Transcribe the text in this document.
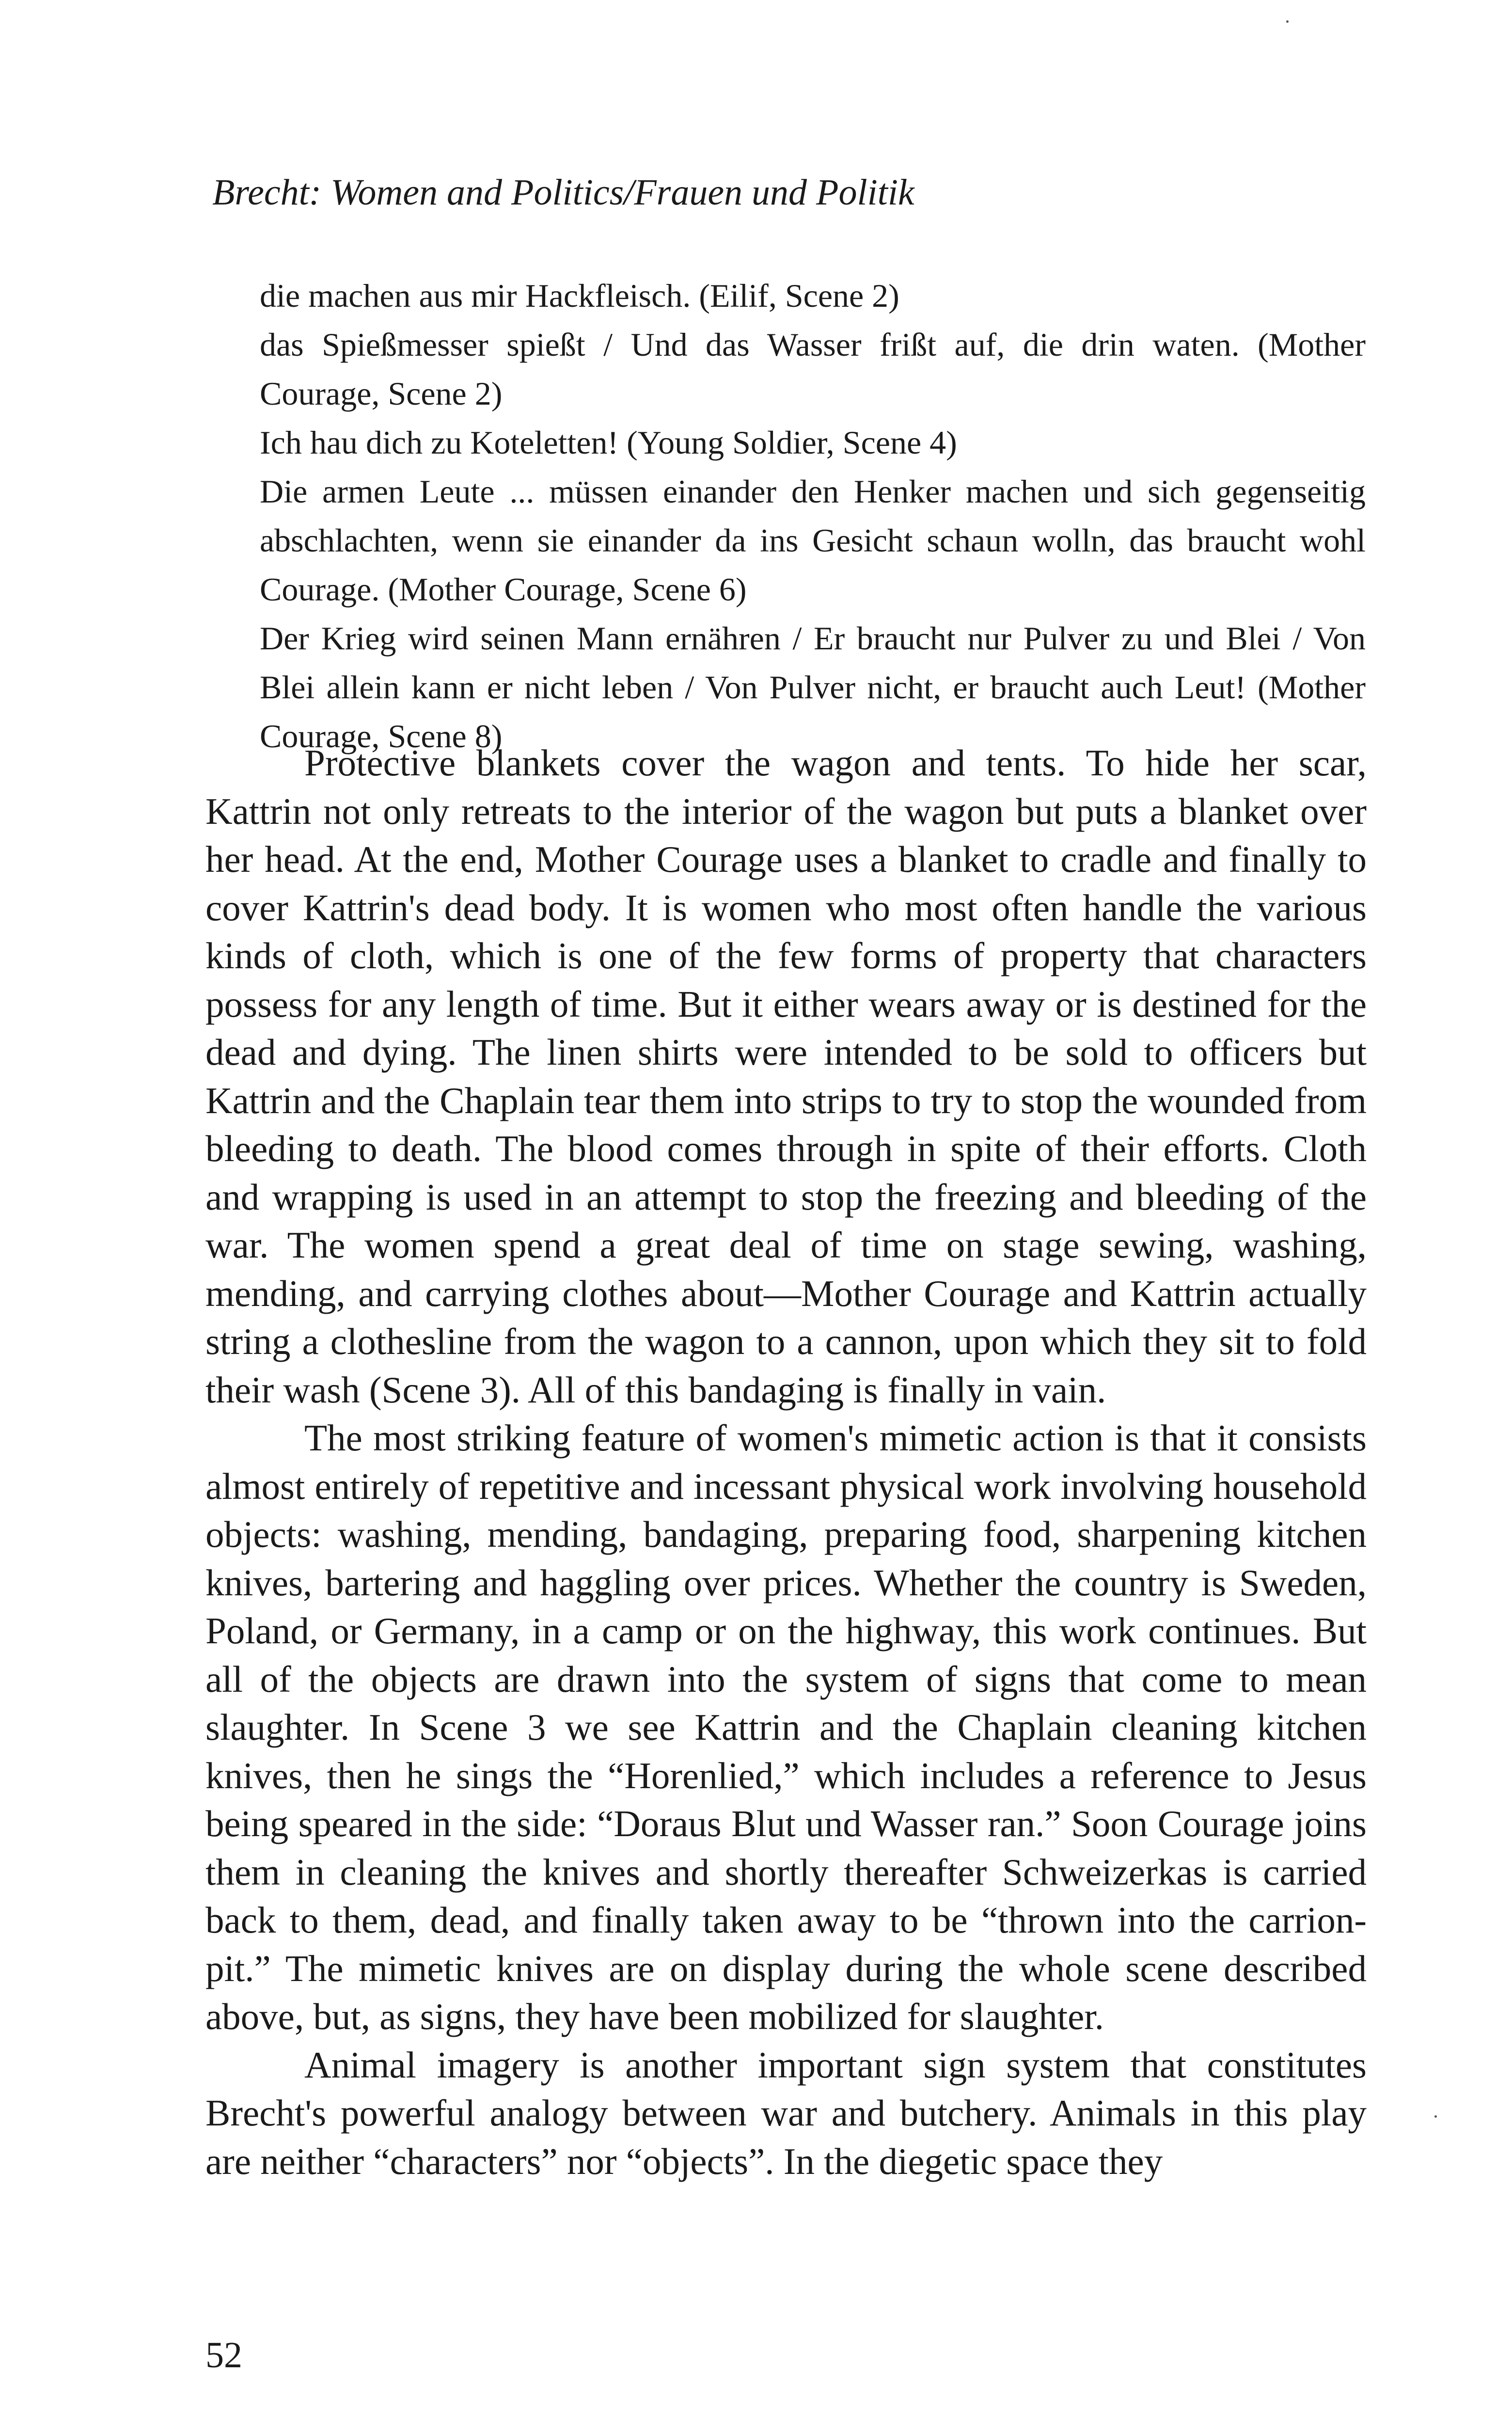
Brecht: Women and Politics/Frauen und Politik

die machen aus mir Hackfleisch. (Eilif, Scene 2)

das Spießmesser spießt / Und das Wasser frißt auf, die drin waten. (Mother Courage, Scene 2)

Ich hau dich zu Koteletten! (Young Soldier, Scene 4)

Die armen Leute ... müssen einander den Henker machen und sich gegenseitig abschlachten, wenn sie einander da ins Gesicht schaun wolln, das braucht wohl Courage. (Mother Courage, Scene 6)

Der Krieg wird seinen Mann ernähren / Er braucht nur Pulver zu und Blei / Von Blei allein kann er nicht leben / Von Pulver nicht, er braucht auch Leut! (Mother Courage, Scene 8)

Protective blankets cover the wagon and tents. To hide her scar, Kattrin not only retreats to the interior of the wagon but puts a blanket over her head. At the end, Mother Courage uses a blanket to cradle and finally to cover Kattrin's dead body. It is women who most often handle the various kinds of cloth, which is one of the few forms of property that characters possess for any length of time. But it either wears away or is destined for the dead and dying. The linen shirts were intended to be sold to officers but Kattrin and the Chaplain tear them into strips to try to stop the wounded from bleeding to death. The blood comes through in spite of their efforts. Cloth and wrapping is used in an attempt to stop the freezing and bleeding of the war. The women spend a great deal of time on stage sewing, washing, mending, and carrying clothes about—Mother Courage and Kattrin actually string a clothesline from the wagon to a cannon, upon which they sit to fold their wash (Scene 3). All of this bandaging is finally in vain.

The most striking feature of women's mimetic action is that it consists almost entirely of repetitive and incessant physical work involving household objects: washing, mending, bandaging, preparing food, sharpening kitchen knives, bartering and haggling over prices. Whether the country is Sweden, Poland, or Germany, in a camp or on the highway, this work continues. But all of the objects are drawn into the system of signs that come to mean slaughter. In Scene 3 we see Kattrin and the Chaplain cleaning kitchen knives, then he sings the “Horenlied,” which includes a reference to Jesus being speared in the side: “Doraus Blut und Wasser ran.” Soon Courage joins them in cleaning the knives and shortly thereafter Schweizerkas is carried back to them, dead, and finally taken away to be “thrown into the carrion-pit.” The mimetic knives are on display during the whole scene described above, but, as signs, they have been mobilized for slaughter.

Animal imagery is another important sign system that constitutes Brecht's powerful analogy between war and butchery. Animals in this play are neither “characters” nor “objects”. In the diegetic space they

52
